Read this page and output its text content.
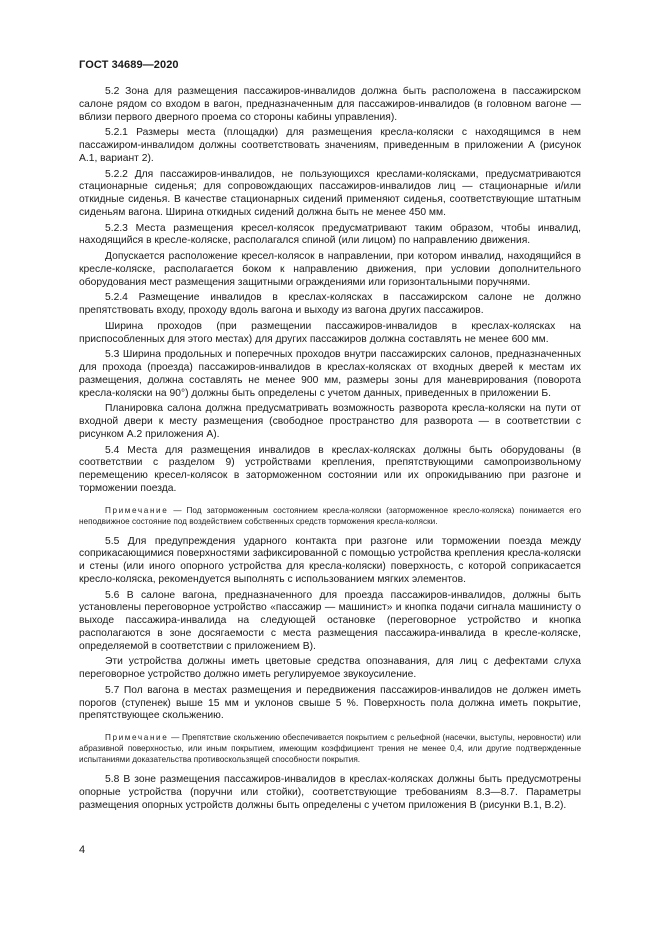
ГОСТ 34689—2020

5.2 Зона для размещения пассажиров-инвалидов должна быть расположена в пассажирском салоне рядом со входом в вагон, предназначенным для пассажиров-инвалидов (в головном вагоне — вблизи первого дверного проема со стороны кабины управления).

5.2.1 Размеры места (площадки) для размещения кресла-коляски с находящимся в нем пассажиром-инвалидом должны соответствовать значениям, приведенным в приложении А (рисунок А.1, вариант 2).

5.2.2 Для пассажиров-инвалидов, не пользующихся креслами-колясками, предусматриваются стационарные сиденья; для сопровождающих пассажиров-инвалидов лиц — стационарные и/или откидные сиденья. В качестве стационарных сидений применяют сиденья, соответствующие штатным сиденьям вагона. Ширина откидных сидений должна быть не менее 450 мм.

5.2.3 Места размещения кресел-колясок предусматривают таким образом, чтобы инвалид, находящийся в кресле-коляске, располагался спиной (или лицом) по направлению движения.

Допускается расположение кресел-колясок в направлении, при котором инвалид, находящийся в кресле-коляске, располагается боком к направлению движения, при условии дополнительного оборудования мест размещения защитными ограждениями или горизонтальными поручнями.

5.2.4 Размещение инвалидов в креслах-колясках в пассажирском салоне не должно препятствовать входу, проходу вдоль вагона и выходу из вагона других пассажиров.

Ширина проходов (при размещении пассажиров-инвалидов в креслах-колясках на приспособленных для этого местах) для других пассажиров должна составлять не менее 600 мм.

5.3 Ширина продольных и поперечных проходов внутри пассажирских салонов, предназначенных для прохода (проезда) пассажиров-инвалидов в креслах-колясках от входных дверей к местам их размещения, должна составлять не менее 900 мм, размеры зоны для маневрирования (поворота кресла-коляски на 90°) должны быть определены с учетом данных, приведенных в приложении Б.

Планировка салона должна предусматривать возможность разворота кресла-коляски на пути от входной двери к месту размещения (свободное пространство для разворота — в соответствии с рисунком А.2 приложения А).

5.4 Места для размещения инвалидов в креслах-колясках должны быть оборудованы (в соответствии с разделом 9) устройствами крепления, препятствующими самопроизвольному перемещению кресел-колясок в заторможенном состоянии или их опрокидыванию при разгоне и торможении поезда.

Примечание — Под заторможенным состоянием кресла-коляски (заторможенное кресло-коляска) понимается его неподвижное состояние под воздействием собственных средств торможения кресла-коляски.

5.5 Для предупреждения ударного контакта при разгоне или торможении поезда между соприкасающимися поверхностями зафиксированной с помощью устройства крепления кресла-коляски и стены (или иного опорного устройства для кресла-коляски) поверхность, с которой соприкасается кресло-коляска, рекомендуется выполнять с использованием мягких элементов.

5.6 В салоне вагона, предназначенного для проезда пассажиров-инвалидов, должны быть установлены переговорное устройство «пассажир — машинист» и кнопка подачи сигнала машинисту о выходе пассажира-инвалида на следующей остановке (переговорное устройство и кнопка располагаются в зоне досягаемости с места размещения пассажира-инвалида в кресле-коляске, определяемой в соответствии с приложением В).

Эти устройства должны иметь цветовые средства опознавания, для лиц с дефектами слуха переговорное устройство должно иметь регулируемое звукоусиление.

5.7 Пол вагона в местах размещения и передвижения пассажиров-инвалидов не должен иметь порогов (ступенек) выше 15 мм и уклонов свыше 5 %. Поверхность пола должна иметь покрытие, препятствующее скольжению.

Примечание — Препятствие скольжению обеспечивается покрытием с рельефной (насечки, выступы, неровности) или абразивной поверхностью, или иным покрытием, имеющим коэффициент трения не менее 0,4, или другие подтвержденные испытаниями доказательства противоскользящей способности покрытия.

5.8 В зоне размещения пассажиров-инвалидов в креслах-колясках должны быть предусмотрены опорные устройства (поручни или стойки), соответствующие требованиям 8.3—8.7. Параметры размещения опорных устройств должны быть определены с учетом приложения В (рисунки В.1, В.2).

4
